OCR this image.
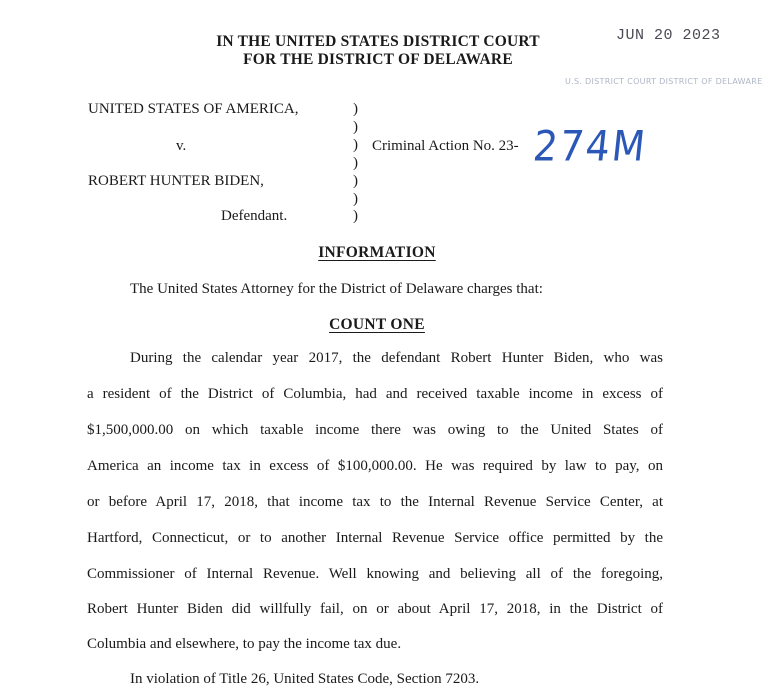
IN THE UNITED STATES DISTRICT COURT
FOR THE DISTRICT OF DELAWARE
JUN 20 2023
U.S. DISTRICT COURT DISTRICT OF DELAWARE
UNITED STATES OF AMERICA,
v.
ROBERT HUNTER BIDEN,
Defendant.
)
)
)
)
)
)
)
Criminal Action No. 23- 274M
INFORMATION
The United States Attorney for the District of Delaware charges that:
COUNT ONE
During the calendar year 2017, the defendant Robert Hunter Biden, who was
a resident of the District of Columbia, had and received taxable income in excess of
$1,500,000.00 on which taxable income there was owing to the United States of
America an income tax in excess of $100,000.00. He was required by law to pay, on
or before April 17, 2018, that income tax to the Internal Revenue Service Center, at
Hartford, Connecticut, or to another Internal Revenue Service office permitted by the
Commissioner of Internal Revenue. Well knowing and believing all of the foregoing,
Robert Hunter Biden did willfully fail, on or about April 17, 2018, in the District of
Columbia and elsewhere, to pay the income tax due.
In violation of Title 26, United States Code, Section 7203.
